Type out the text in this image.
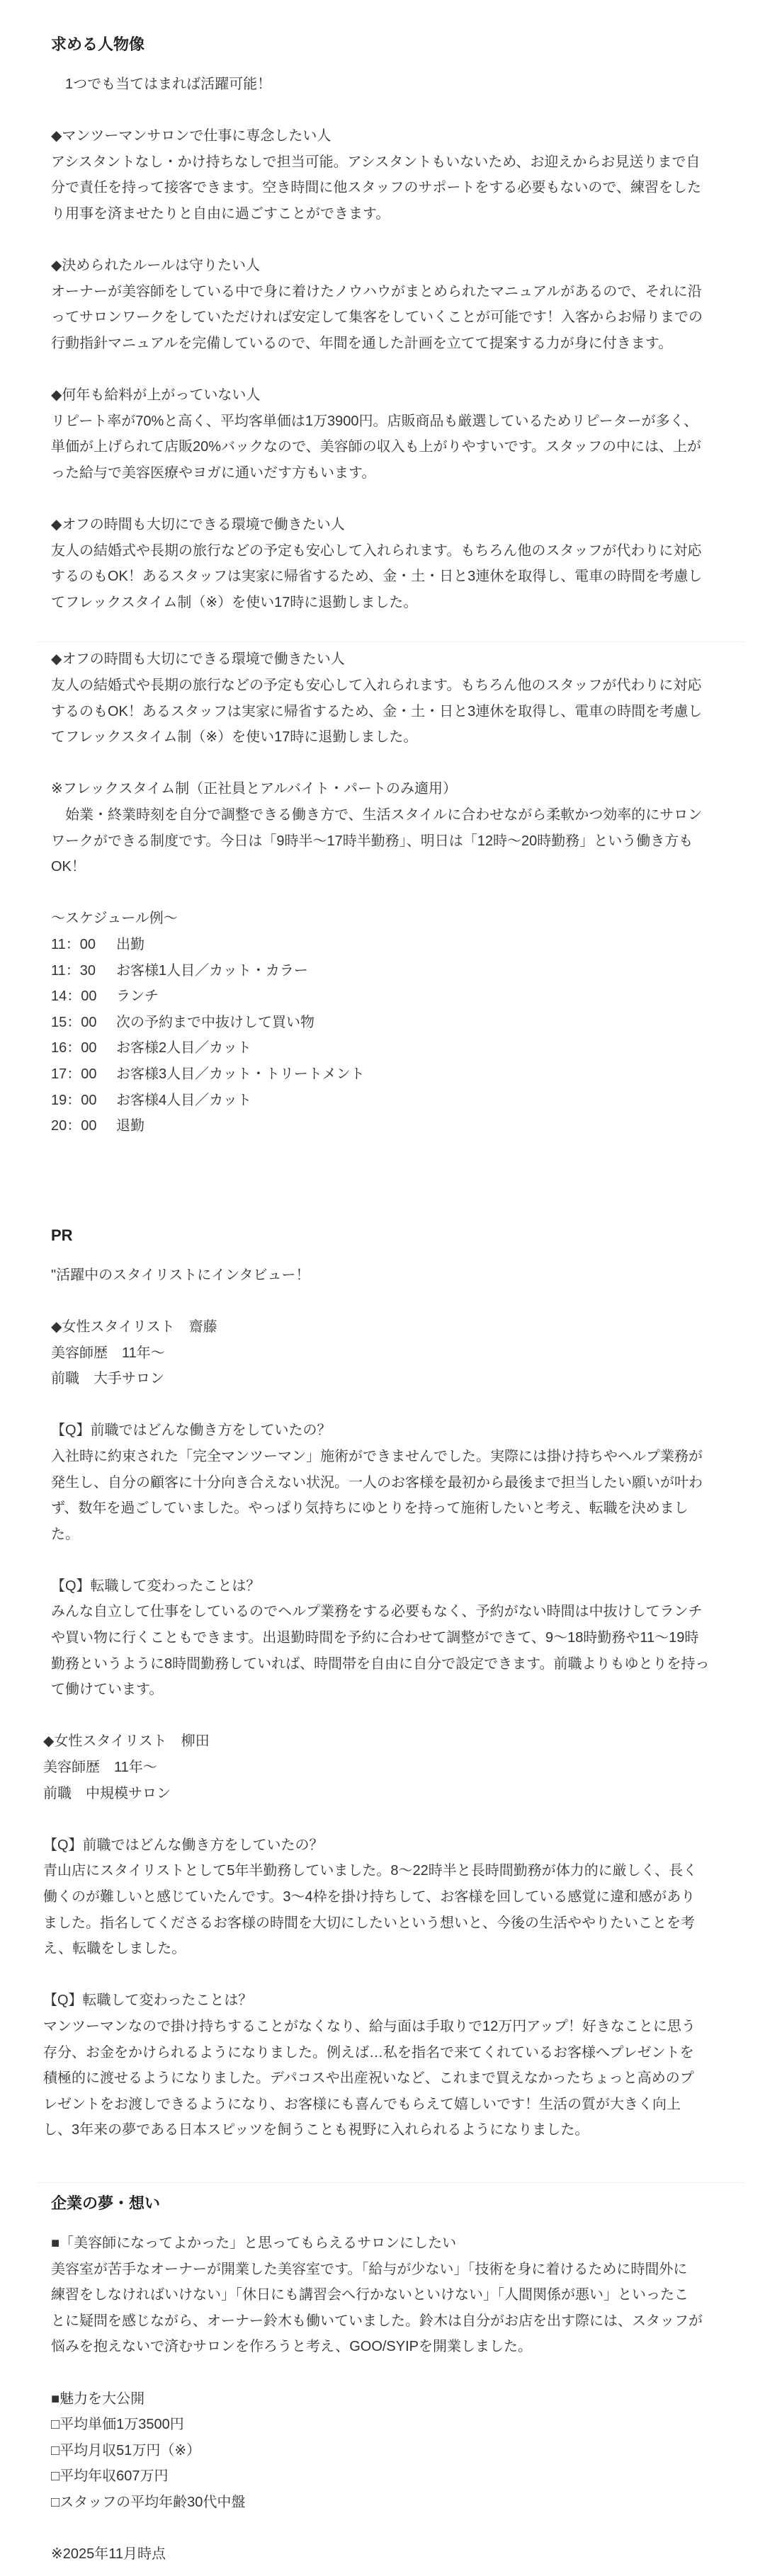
求める人物像

　1つでも当てはまれば活躍可能！

◆マンツーマンサロンで仕事に専念したい人

アシスタントなし・かけ持ちなしで担当可能。アシスタントもいないため、お迎えからお見送りまで自
分で責任を持って接客できます。空き時間に他スタッフのサポートをする必要もないので、練習をした
り用事を済ませたりと自由に過ごすことができます。

◆決められたルールは守りたい人

オーナーが美容師をしている中で身に着けたノウハウがまとめられたマニュアルがあるので、それに沿
ってサロンワークをしていただければ安定して集客をしていくことが可能です！入客からお帰りまでの
行動指針マニュアルを完備しているので、年間を通した計画を立てて提案する力が身に付きます。

◆何年も給料が上がっていない人

リピート率が70%と高く、平均客単価は1万3900円。店販商品も厳選しているためリピーターが多く、
単価が上げられて店販20%バックなので、美容師の収入も上がりやすいです。スタッフの中には、上が
った給与で美容医療やヨガに通いだす方もいます。

◆オフの時間も大切にできる環境で働きたい人

友人の結婚式や長期の旅行などの予定も安心して入れられます。もちろん他のスタッフが代わりに対応
するのもOK！あるスタッフは実家に帰省するため、金・土・日と3連休を取得し、電車の時間を考慮し
てフレックスタイム制（※）を使い17時に退勤しました。

◆オフの時間も大切にできる環境で働きたい人

友人の結婚式や長期の旅行などの予定も安心して入れられます。もちろん他のスタッフが代わりに対応
するのもOK！あるスタッフは実家に帰省するため、金・土・日と3連休を取得し、電車の時間を考慮し
てフレックスタイム制（※）を使い17時に退勤しました。

※フレックスタイム制（正社員とアルバイト・パートのみ適用）

　始業・終業時刻を自分で調整できる働き方で、生活スタイルに合わせながら柔軟かつ効率的にサロン
ワークができる制度です。今日は「9時半～17時半勤務」、明日は「12時～20時勤務」という働き方も
OK！

～スケジュール例～

11：00	出勤
11：30	お客様1人目／カット・カラー
14：00	ランチ
15：00	次の予約まで中抜けして買い物
16：00	お客様2人目／カット
17：00	お客様3人目／カット・トリートメント
19：00	お客様4人目／カット
20：00	退勤
PR

"活躍中のスタイリストにインタビュー！

◆女性スタイリスト　齋藤

美容師歴　11年～

前職　大手サロン

【Q】前職ではどんな働き方をしていたの？

入社時に約束された「完全マンツーマン」施術ができませんでした。実際には掛け持ちやヘルプ業務が
発生し、自分の顧客に十分向き合えない状況。一人のお客様を最初から最後まで担当したい願いが叶わ
ず、数年を過ごしていました。やっぱり気持ちにゆとりを持って施術したいと考え、転職を決めまし
た。

【Q】転職して変わったことは？

みんな自立して仕事をしているのでヘルプ業務をする必要もなく、予約がない時間は中抜けしてランチ
や買い物に行くこともできます。出退勤時間を予約に合わせて調整ができて、9～18時勤務や11～19時
勤務というように8時間勤務していれば、時間帯を自由に自分で設定できます。前職よりもゆとりを持っ
て働けています。

◆女性スタイリスト　柳田

美容師歴　11年～

前職　中規模サロン

【Q】前職ではどんな働き方をしていたの？

青山店にスタイリストとして5年半勤務していました。8～22時半と長時間勤務が体力的に厳しく、長く
働くのが難しいと感じていたんです。3～4枠を掛け持ちして、お客様を回している感覚に違和感があり
ました。指名してくださるお客様の時間を大切にしたいという想いと、今後の生活ややりたいことを考
え、転職をしました。

【Q】転職して変わったことは？

マンツーマンなので掛け持ちすることがなくなり、給与面は手取りで12万円アップ！好きなことに思う
存分、お金をかけられるようになりました。例えば…私を指名で来てくれているお客様へプレゼントを
積極的に渡せるようになりました。デパコスや出産祝いなど、これまで買えなかったちょっと高めのプ
レゼントをお渡しできるようになり、お客様にも喜んでもらえて嬉しいです！生活の質が大きく向上
し、3年来の夢である日本スピッツを飼うことも視野に入れられるようになりました。

企業の夢・想い

■「美容師になってよかった」と思ってもらえるサロンにしたい

美容室が苦手なオーナーが開業した美容室です。「給与が少ない」「技術を身に着けるために時間外に
練習をしなければいけない」「休日にも講習会へ行かないといけない」「人間関係が悪い」といったこ
とに疑問を感じながら、オーナー鈴木も働いていました。鈴木は自分がお店を出す際には、スタッフが
悩みを抱えないで済むサロンを作ろうと考え、GOO/SYIPを開業しました。

■魅力を大公開

□平均単価1万3500円

□平均月収51万円（※）

□平均年収607万円

□スタッフの平均年齢30代中盤

※2025年11月時点
